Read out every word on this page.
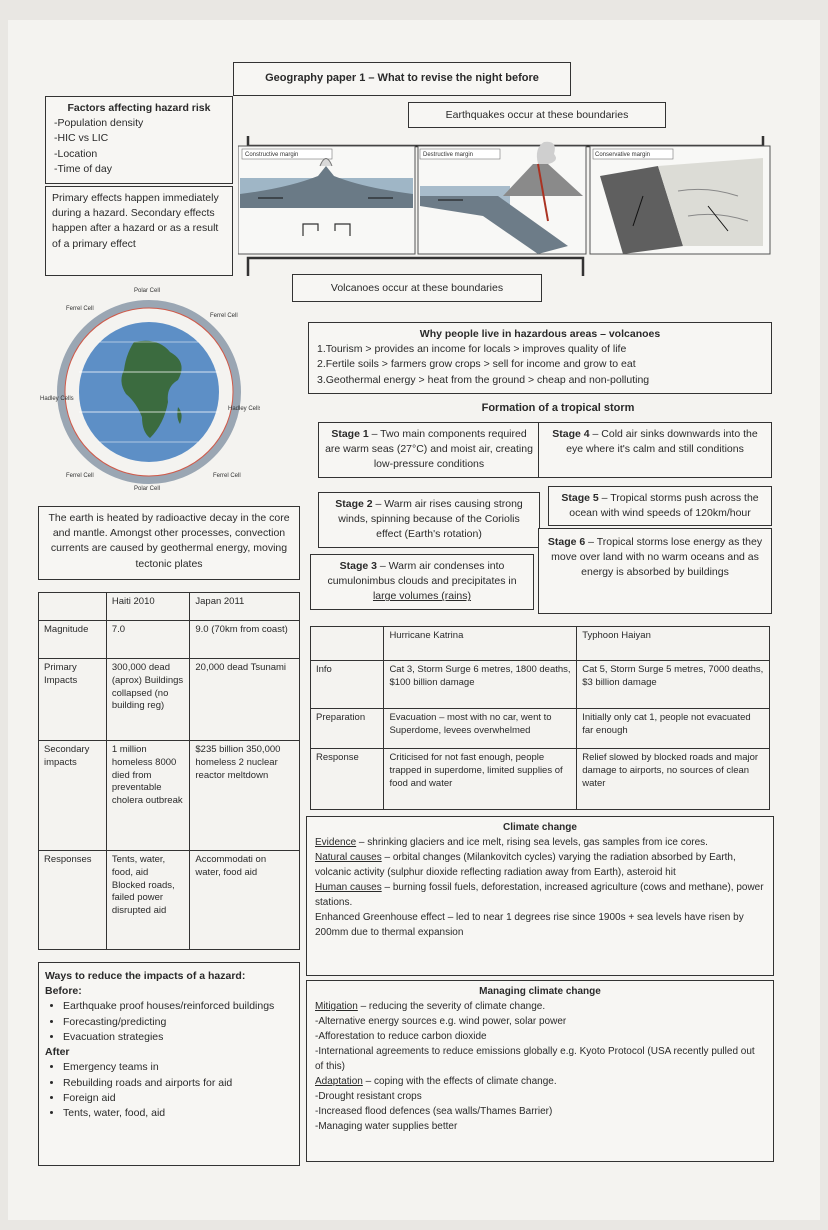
Geography paper 1 – What to revise the night before
Earthquakes occur at these boundaries
Factors affecting hazard risk
-Population density
-HIC vs LIC
-Location
-Time of day
Primary effects happen immediately during a hazard. Secondary effects happen after a hazard or as a result of a primary effect
Constructive margin	Destructive margin	Conservative margin
Volcanoes occur at these boundaries
Polar Cell
Polar Cell
Ferrel Cell
Ferrel Cell
Ferrel Cell	Ferrel Cell
Hadley Cells
Hadley Cells
Why people live in hazardous areas – volcanoes
1.Tourism > provides an income for locals > improves quality of life
2.Fertile soils > farmers grow crops > sell for income and grow to eat
3.Geothermal energy > heat from the ground > cheap and non-polluting
Formation of a tropical storm
Stage 1 – Two main components required are warm seas (27°C) and moist air, creating low-pressure conditions
Stage 4 – Cold air sinks downwards into the eye where it's calm and still conditions
Stage 2 – Warm air rises causing strong winds, spinning because of the Coriolis effect (Earth's rotation)
Stage 5 – Tropical storms push across the ocean with wind speeds of 120km/hour
Stage 3 – Warm air condenses into cumulonimbus clouds and precipitates in large volumes (rains)
Stage 6 – Tropical storms lose energy as they move over land with no warm oceans and as energy is absorbed by buildings
The earth is heated by radioactive decay in the core and mantle. Amongst other processes, convection currents are caused by geothermal energy, moving tectonic plates
	Haiti 2010	Japan 2011
Magnitude	7.0	9.0 (70km from coast)
Primary Impacts	300,000 dead (aprox) Buildings collapsed (no building reg)	20,000 dead Tsunami
Secondary impacts	1 million homeless 8000 died from preventable cholera outbreak	$235 billion 350,000 homeless 2 nuclear reactor meltdown
Responses	Tents, water, food, aid Blocked roads, failed power disrupted aid	Accommodati on water, food aid
	Hurricane Katrina	Typhoon Haiyan
Info	Cat 3, Storm Surge 6 metres, 1800 deaths, $100 billion damage	Cat 5, Storm Surge 5 metres, 7000 deaths, $3 billion damage
Preparation	Evacuation – most with no car, went to Superdome, levees overwhelmed	Initially only cat 1, people not evacuated far enough
Response	Criticised for not fast enough, people trapped in superdome, limited supplies of food and water	Relief slowed by blocked roads and major damage to airports, no sources of clean water
Climate change
Evidence – shrinking glaciers and ice melt, rising sea levels, gas samples from ice cores.
Natural causes – orbital changes (Milankovitch cycles) varying the radiation absorbed by Earth, volcanic activity (sulphur dioxide reflecting radiation away from Earth), asteroid hit
Human causes – burning fossil fuels, deforestation, increased agriculture (cows and methane), power stations.
Enhanced Greenhouse effect – led to near 1 degrees rise since 1900s + sea levels have risen by 200mm due to thermal expansion
Ways to reduce the impacts of a hazard:
Before:
• Earthquake proof houses/reinforced buildings
• Forecasting/predicting
• Evacuation strategies
After
• Emergency teams in
• Rebuilding roads and airports for aid
• Foreign aid
• Tents, water, food, aid
Managing climate change
Mitigation – reducing the severity of climate change.
-Alternative energy sources e.g. wind power, solar power
-Afforestation to reduce carbon dioxide
-International agreements to reduce emissions globally e.g. Kyoto Protocol (USA recently pulled out of this)
Adaptation – coping with the effects of climate change.
-Drought resistant crops
-Increased flood defences (sea walls/Thames Barrier)
-Managing water supplies better
